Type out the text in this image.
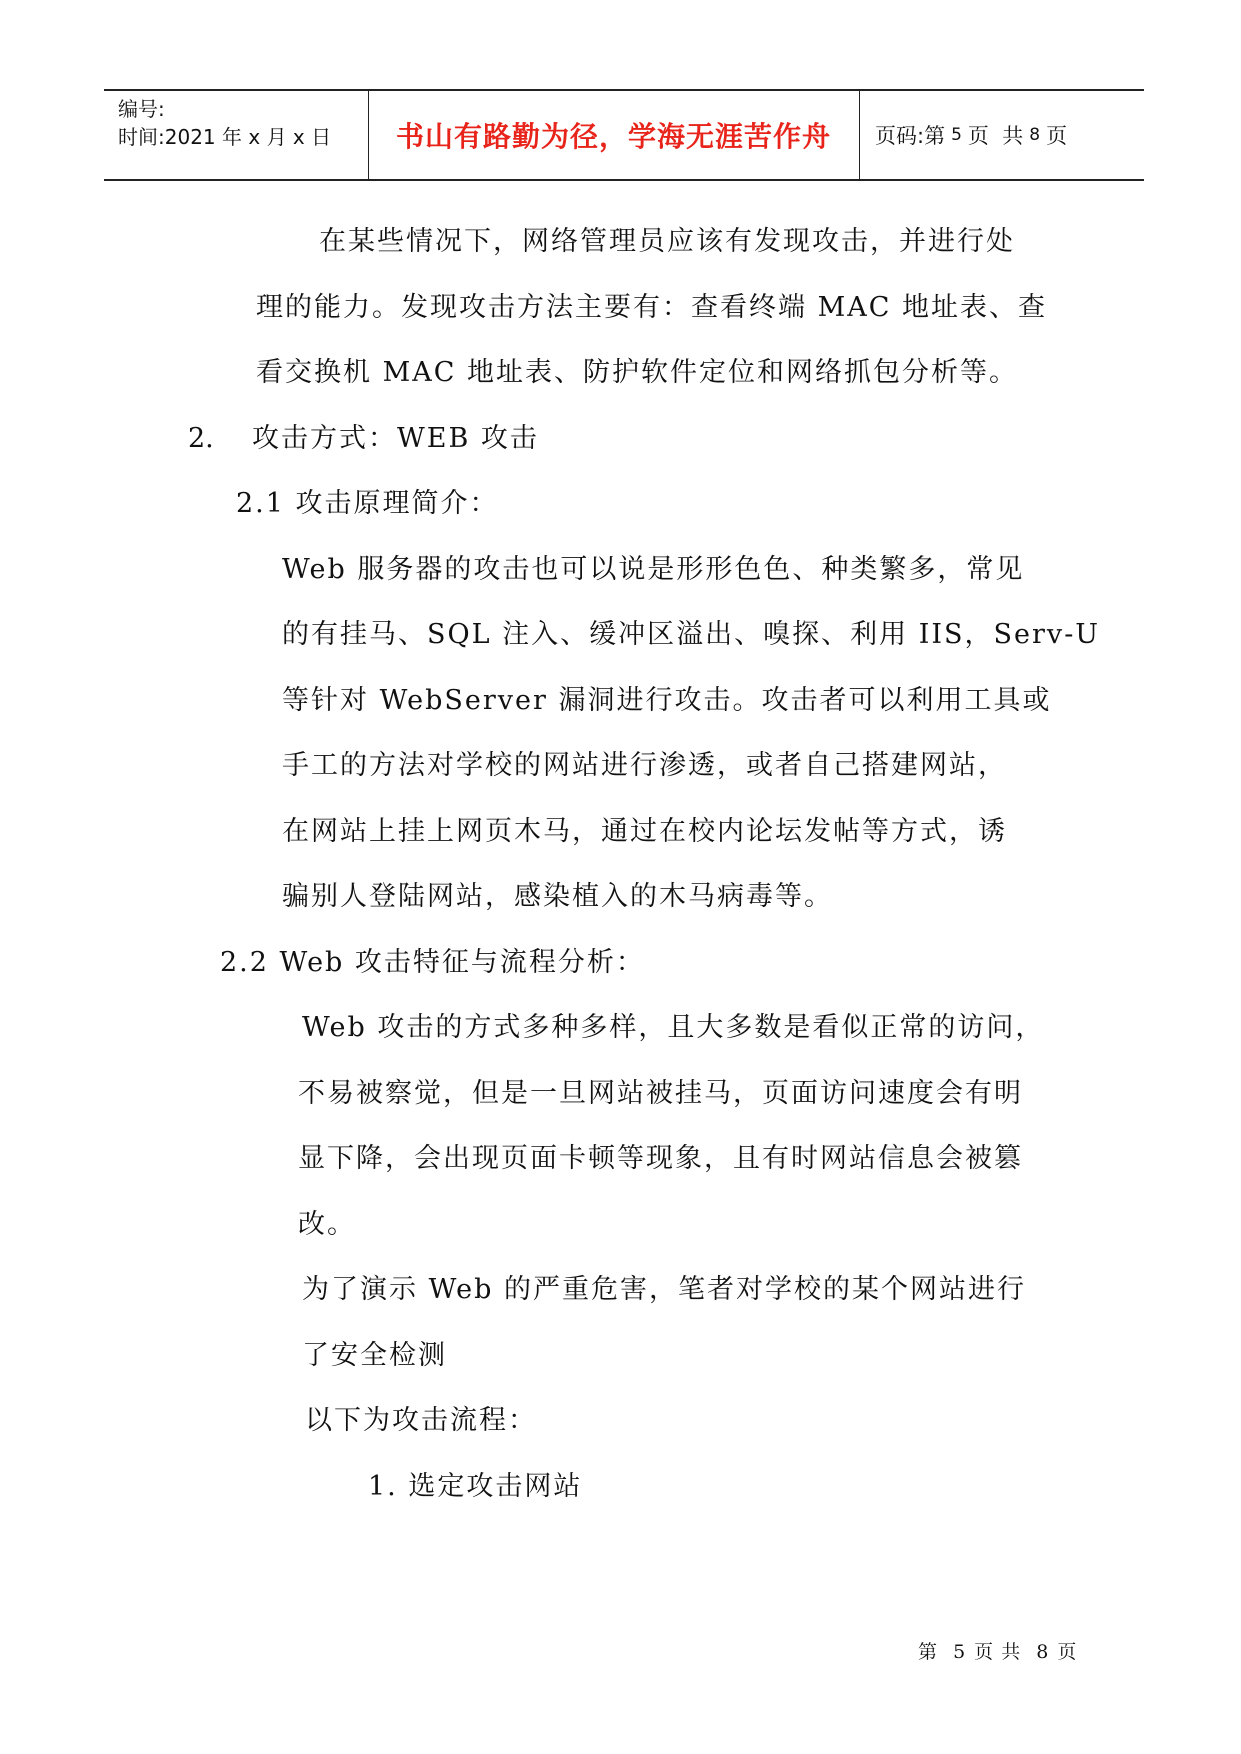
编号:
时间:2021 年 x 月 x 日	书山有路勤为径，学海无涯苦作舟	页码: 第 5 页  共 8 页
在某些情况下，网络管理员应该有发现攻击，并进行处
理的能力。发现攻击方法主要有：查看终端 MAC 地址表、查
看交换机 MAC 地址表、防护软件定位和网络抓包分析等。
2. 攻击方式：WEB 攻击
2.1 攻击原理简介：
Web 服务器的攻击也可以说是形形色色、种类繁多，常见
的有挂马、SQL 注入、缓冲区溢出、嗅探、利用 IIS，Serv-U
等针对 WebServer 漏洞进行攻击。攻击者可以利用工具或
手工的方法对学校的网站进行渗透，或者自己搭建网站，
在网站上挂上网页木马，通过在校内论坛发帖等方式，诱
骗别人登陆网站，感染植入的木马病毒等。
2.2 Web 攻击特征与流程分析：
Web 攻击的方式多种多样，且大多数是看似正常的访问，
不易被察觉，但是一旦网站被挂马，页面访问速度会有明
显下降，会出现页面卡顿等现象，且有时网站信息会被篡
改。
为了演示 Web 的严重危害，笔者对学校的某个网站进行
了安全检测
以下为攻击流程：
1. 选定攻击网站
第 5 页 共 8 页
